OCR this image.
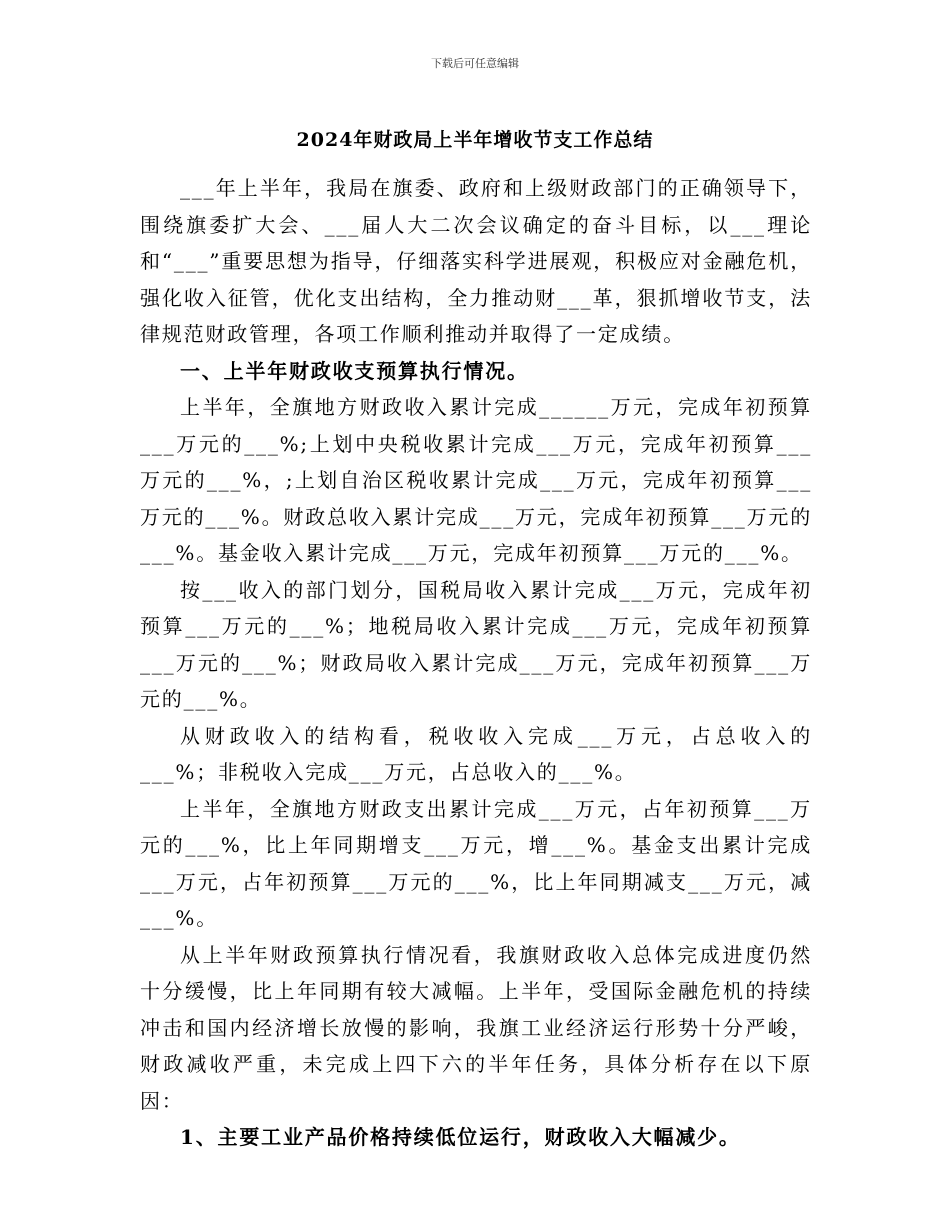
下载后可任意编辑
2024年财政局上半年增收节支工作总结

___年上半年，我局在旗委、政府和上级财政部门的正确领导下，围绕旗委扩大会、___届人大二次会议确定的奋斗目标，以___理论和“___”重要思想为指导，仔细落实科学进展观，积极应对金融危机，强化收入征管，优化支出结构，全力推动财___革，狠抓增收节支，法律规范财政管理，各项工作顺利推动并取得了一定成绩。

一、上半年财政收支预算执行情况。

上半年，全旗地方财政收入累计完成______万元，完成年初预算___万元的___%;上划中央税收累计完成___万元，完成年初预算___万元的___%，;上划自治区税收累计完成___万元，完成年初预算___万元的___%。财政总收入累计完成___万元，完成年初预算___万元的___%。基金收入累计完成___万元，完成年初预算___万元的___%。

按___收入的部门划分，国税局收入累计完成___万元，完成年初预算___万元的___%；地税局收入累计完成___万元，完成年初预算___万元的___%；财政局收入累计完成___万元，完成年初预算___万元的___%。

从财政收入的结构看，税收收入完成___万元，占总收入的___%；非税收入完成___万元，占总收入的___%。

上半年，全旗地方财政支出累计完成___万元，占年初预算___万元的___%，比上年同期增支___万元，增___%。基金支出累计完成___万元，占年初预算___万元的___%，比上年同期减支___万元，减___%。

从上半年财政预算执行情况看，我旗财政收入总体完成进度仍然十分缓慢，比上年同期有较大减幅。上半年，受国际金融危机的持续冲击和国内经济增长放慢的影响，我旗工业经济运行形势十分严峻，财政减收严重，未完成上四下六的半年任务，具体分析存在以下原因：

1、主要工业产品价格持续低位运行，财政收入大幅减少。
